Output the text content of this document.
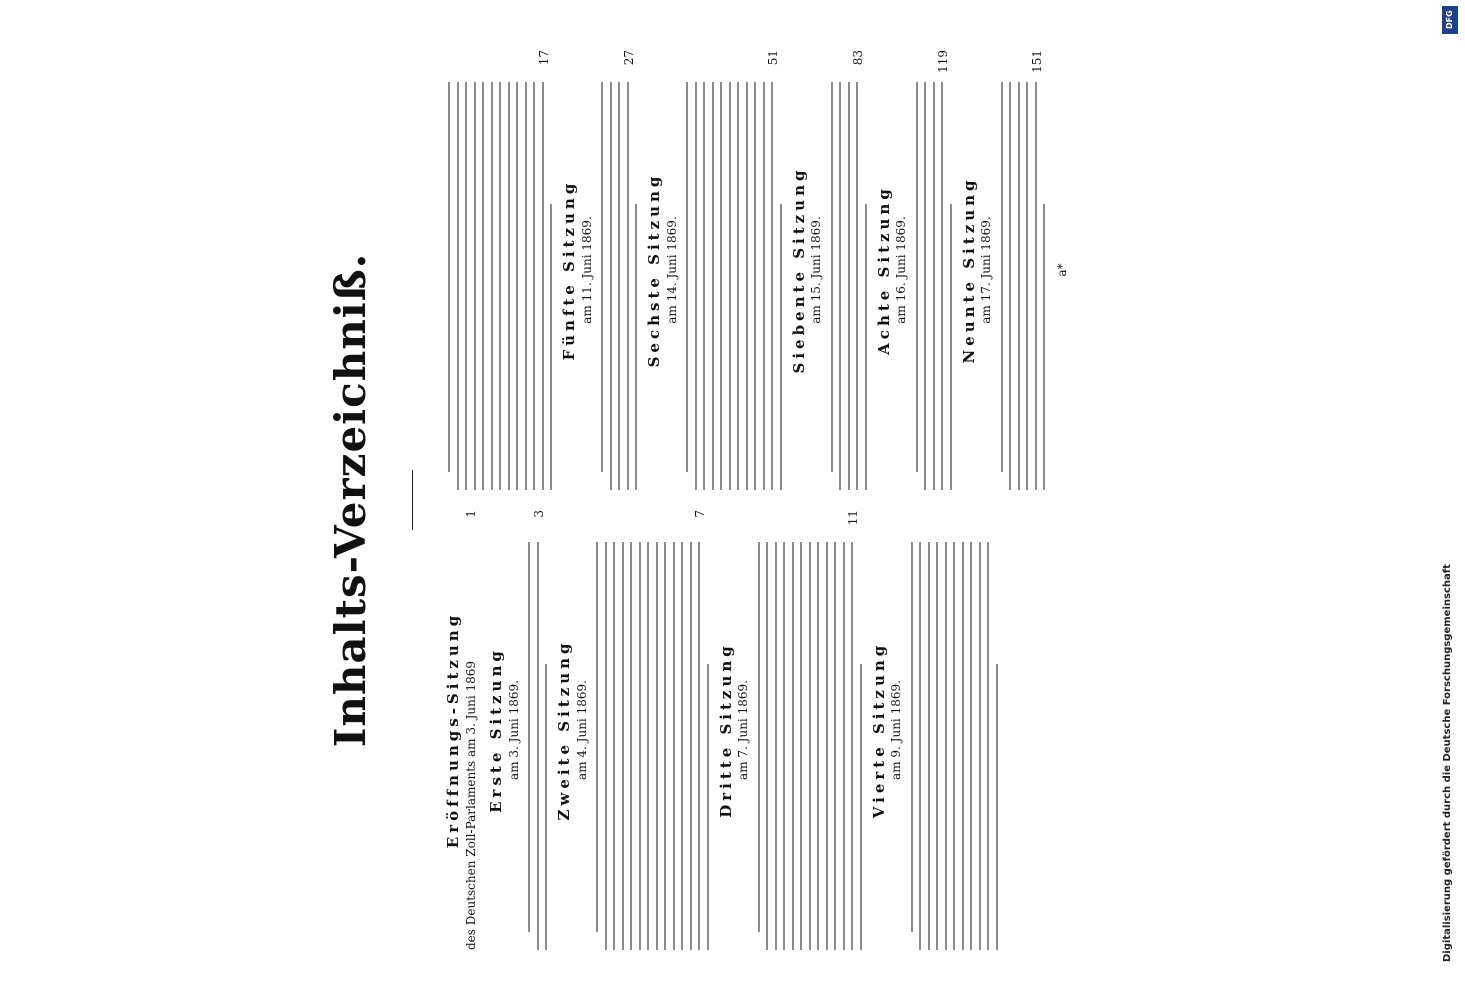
Inhalts-Verzeichniß.	Eröffnungs-Sitzung des Deutschen Zoll-Parlaments am 3. Juni 1869
1
Erste Sitzung am 3. Juni 1869.
3
Zweite Sitzung am 4. Juni 1869.
7
Dritte Sitzung am 7. Juni 1869.
11
Vierte Sitzung am 9. Juni 1869.
17
Fünfte Sitzung am 11. Juni 1869.
27
Sechste Sitzung am 14. Juni 1869.
51
Siebente Sitzung am 15. Juni 1869.
83
Achte Sitzung am 16. Juni 1869.
119
Neunte Sitzung am 17. Juni 1869.
151
a*
DFG
Digitalisierung gefördert durch die Deutsche Forschungsgemeinschaft
